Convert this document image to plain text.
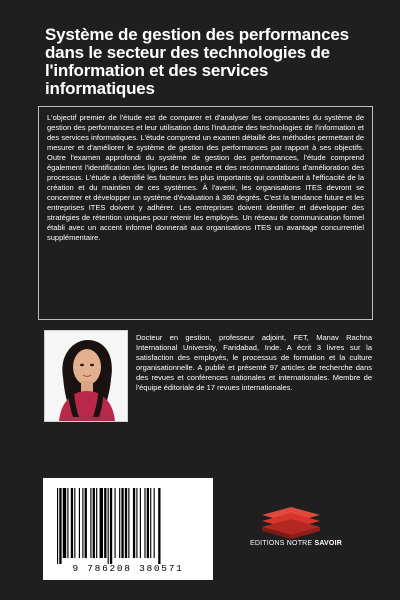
Système de gestion des performances dans le secteur des technologies de l'information et des services informatiques

L'objectif premier de l'étude est de comparer et d'analyser les composantes du système de gestion des performances et leur utilisation dans l'industrie des technologies de l'information et des services informatiques. L'étude comprend un examen détaillé des méthodes permettant de mesurer et d'améliorer le système de gestion des performances par rapport à ses objectifs. Outre l'examen approfondi du système de gestion des performances, l'étude comprend également l'identification des lignes de tendance et des recommandations d'amélioration des processus. L'étude a identifié les facteurs les plus importants qui contribuent à l'efficacité de la création et du maintien de ces systèmes. À l'avenir, les organisations ITES devront se concentrer et développer un système d'évaluation à 360 degrés. C'est la tendance future et les entreprises ITES doivent y adhérer. Les entreprises doivent identifier et développer des stratégies de rétention uniques pour retenir les employés. Un réseau de communication formel établi avec un accent informel donnerait aux organisations ITES un avantage concurrentiel supplémentaire.

Docteur en gestion, professeur adjoint, FET, Manav Rachna International University, Faridabad, Inde. A écrit 3 livres sur la satisfaction des employés, le processus de formation et la culture organisationnelle. A publié et présenté 97 articles de recherche dans des revues et conférences nationales et internationales. Membre de l'équipe éditoriale de 17 revues internationales.

9 786208 380571
EDITIONS NOTRE SAVOIR
